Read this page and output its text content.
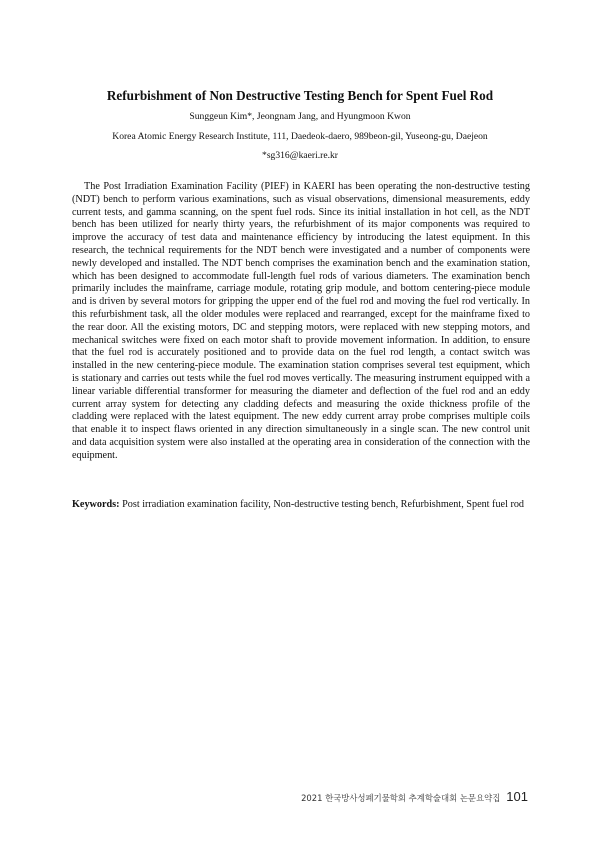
Refurbishment of Non Destructive Testing Bench for Spent Fuel Rod
Sunggeun Kim*, Jeongnam Jang, and Hyungmoon Kwon
Korea Atomic Energy Research Institute, 111, Daedeok-daero, 989beon-gil, Yuseong-gu, Daejeon
*sg316@kaeri.re.kr

The Post Irradiation Examination Facility (PIEF) in KAERI has been operating the non-destructive testing (NDT) bench to perform various examinations, such as visual observations, dimensional measurements, eddy current tests, and gamma scanning, on the spent fuel rods. Since its initial installation in hot cell, as the NDT bench has been utilized for nearly thirty years, the refurbishment of its major components was required to improve the accuracy of test data and maintenance efficiency by introducing the latest equipment. In this research, the technical requirements for the NDT bench were investigated and a number of components were newly developed and installed. The NDT bench comprises the examination bench and the examination station, which has been designed to accommodate full-length fuel rods of various diameters. The examination bench primarily includes the mainframe, carriage module, rotating grip module, and bottom centering-piece module and is driven by several motors for gripping the upper end of the fuel rod and moving the fuel rod vertically. In this refurbishment task, all the older modules were replaced and rearranged, except for the mainframe fixed to the rear door. All the existing motors, DC and stepping motors, were replaced with new stepping motors, and mechanical switches were fixed on each motor shaft to provide movement information. In addition, to ensure that the fuel rod is accurately positioned and to provide data on the fuel rod length, a contact switch was installed in the new centering-piece module. The examination station comprises several test equipment, which is stationary and carries out tests while the fuel rod moves vertically. The measuring instrument equipped with a linear variable differential transformer for measuring the diameter and deflection of the fuel rod and an eddy current array system for detecting any cladding defects and measuring the oxide thickness profile of the cladding were replaced with the latest equipment. The new eddy current array probe comprises multiple coils that enable it to inspect flaws oriented in any direction simultaneously in a single scan. The new control unit and data acquisition system were also installed at the operating area in consideration of the connection with the equipment.

Keywords: Post irradiation examination facility, Non-destructive testing bench, Refurbishment, Spent fuel rod

2021 한국방사성폐기물학회 추계학술대회 논문요약집 101
